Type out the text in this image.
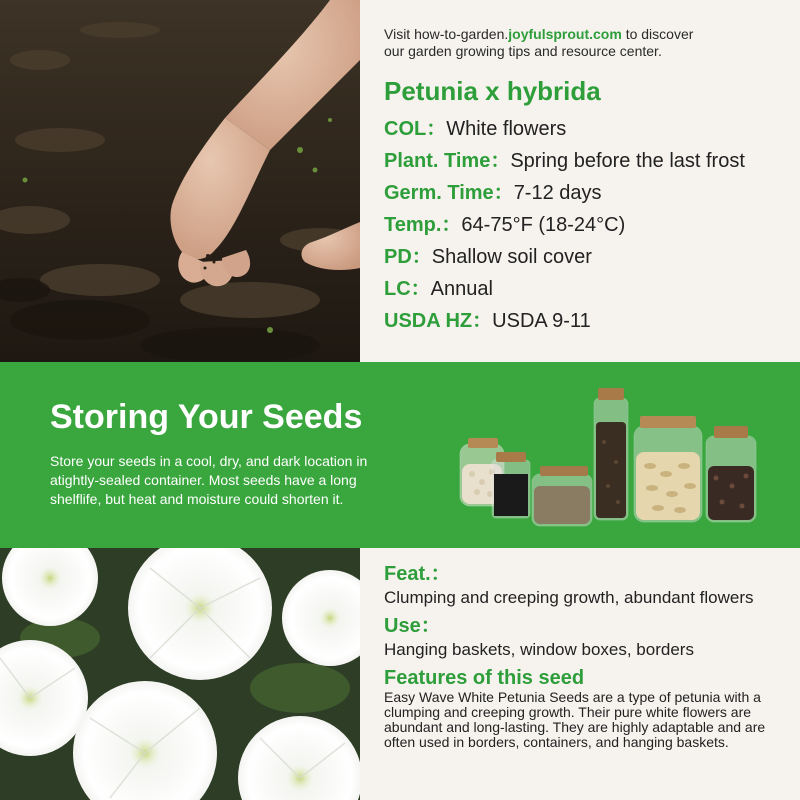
Visit how-to-garden.joyfulsprout.com to discover
our garden growing tips and resource center.
Petunia x hybrida
COL：White flowers
Plant. Time：Spring before the last frost
Germ. Time：7-12 days
Temp.：64-75°F (18-24°C)
PD：Shallow soil cover
LC：Annual
USDA HZ：USDA 9-11
Storing Your Seeds
Store your seeds in a cool, dry, and dark location in atightly-sealed container. Most seeds have a long shelflife, but heat and moisture could shorten it.
Feat.：
Clumping and creeping growth, abundant flowers
Use：
Hanging baskets, window boxes, borders
Features of this seed
Easy Wave White Petunia Seeds are a type of petunia with a clumping and creeping growth. Their pure white flowers are abundant and long-lasting. They are highly adaptable and are often used in borders, containers, and hanging baskets.
